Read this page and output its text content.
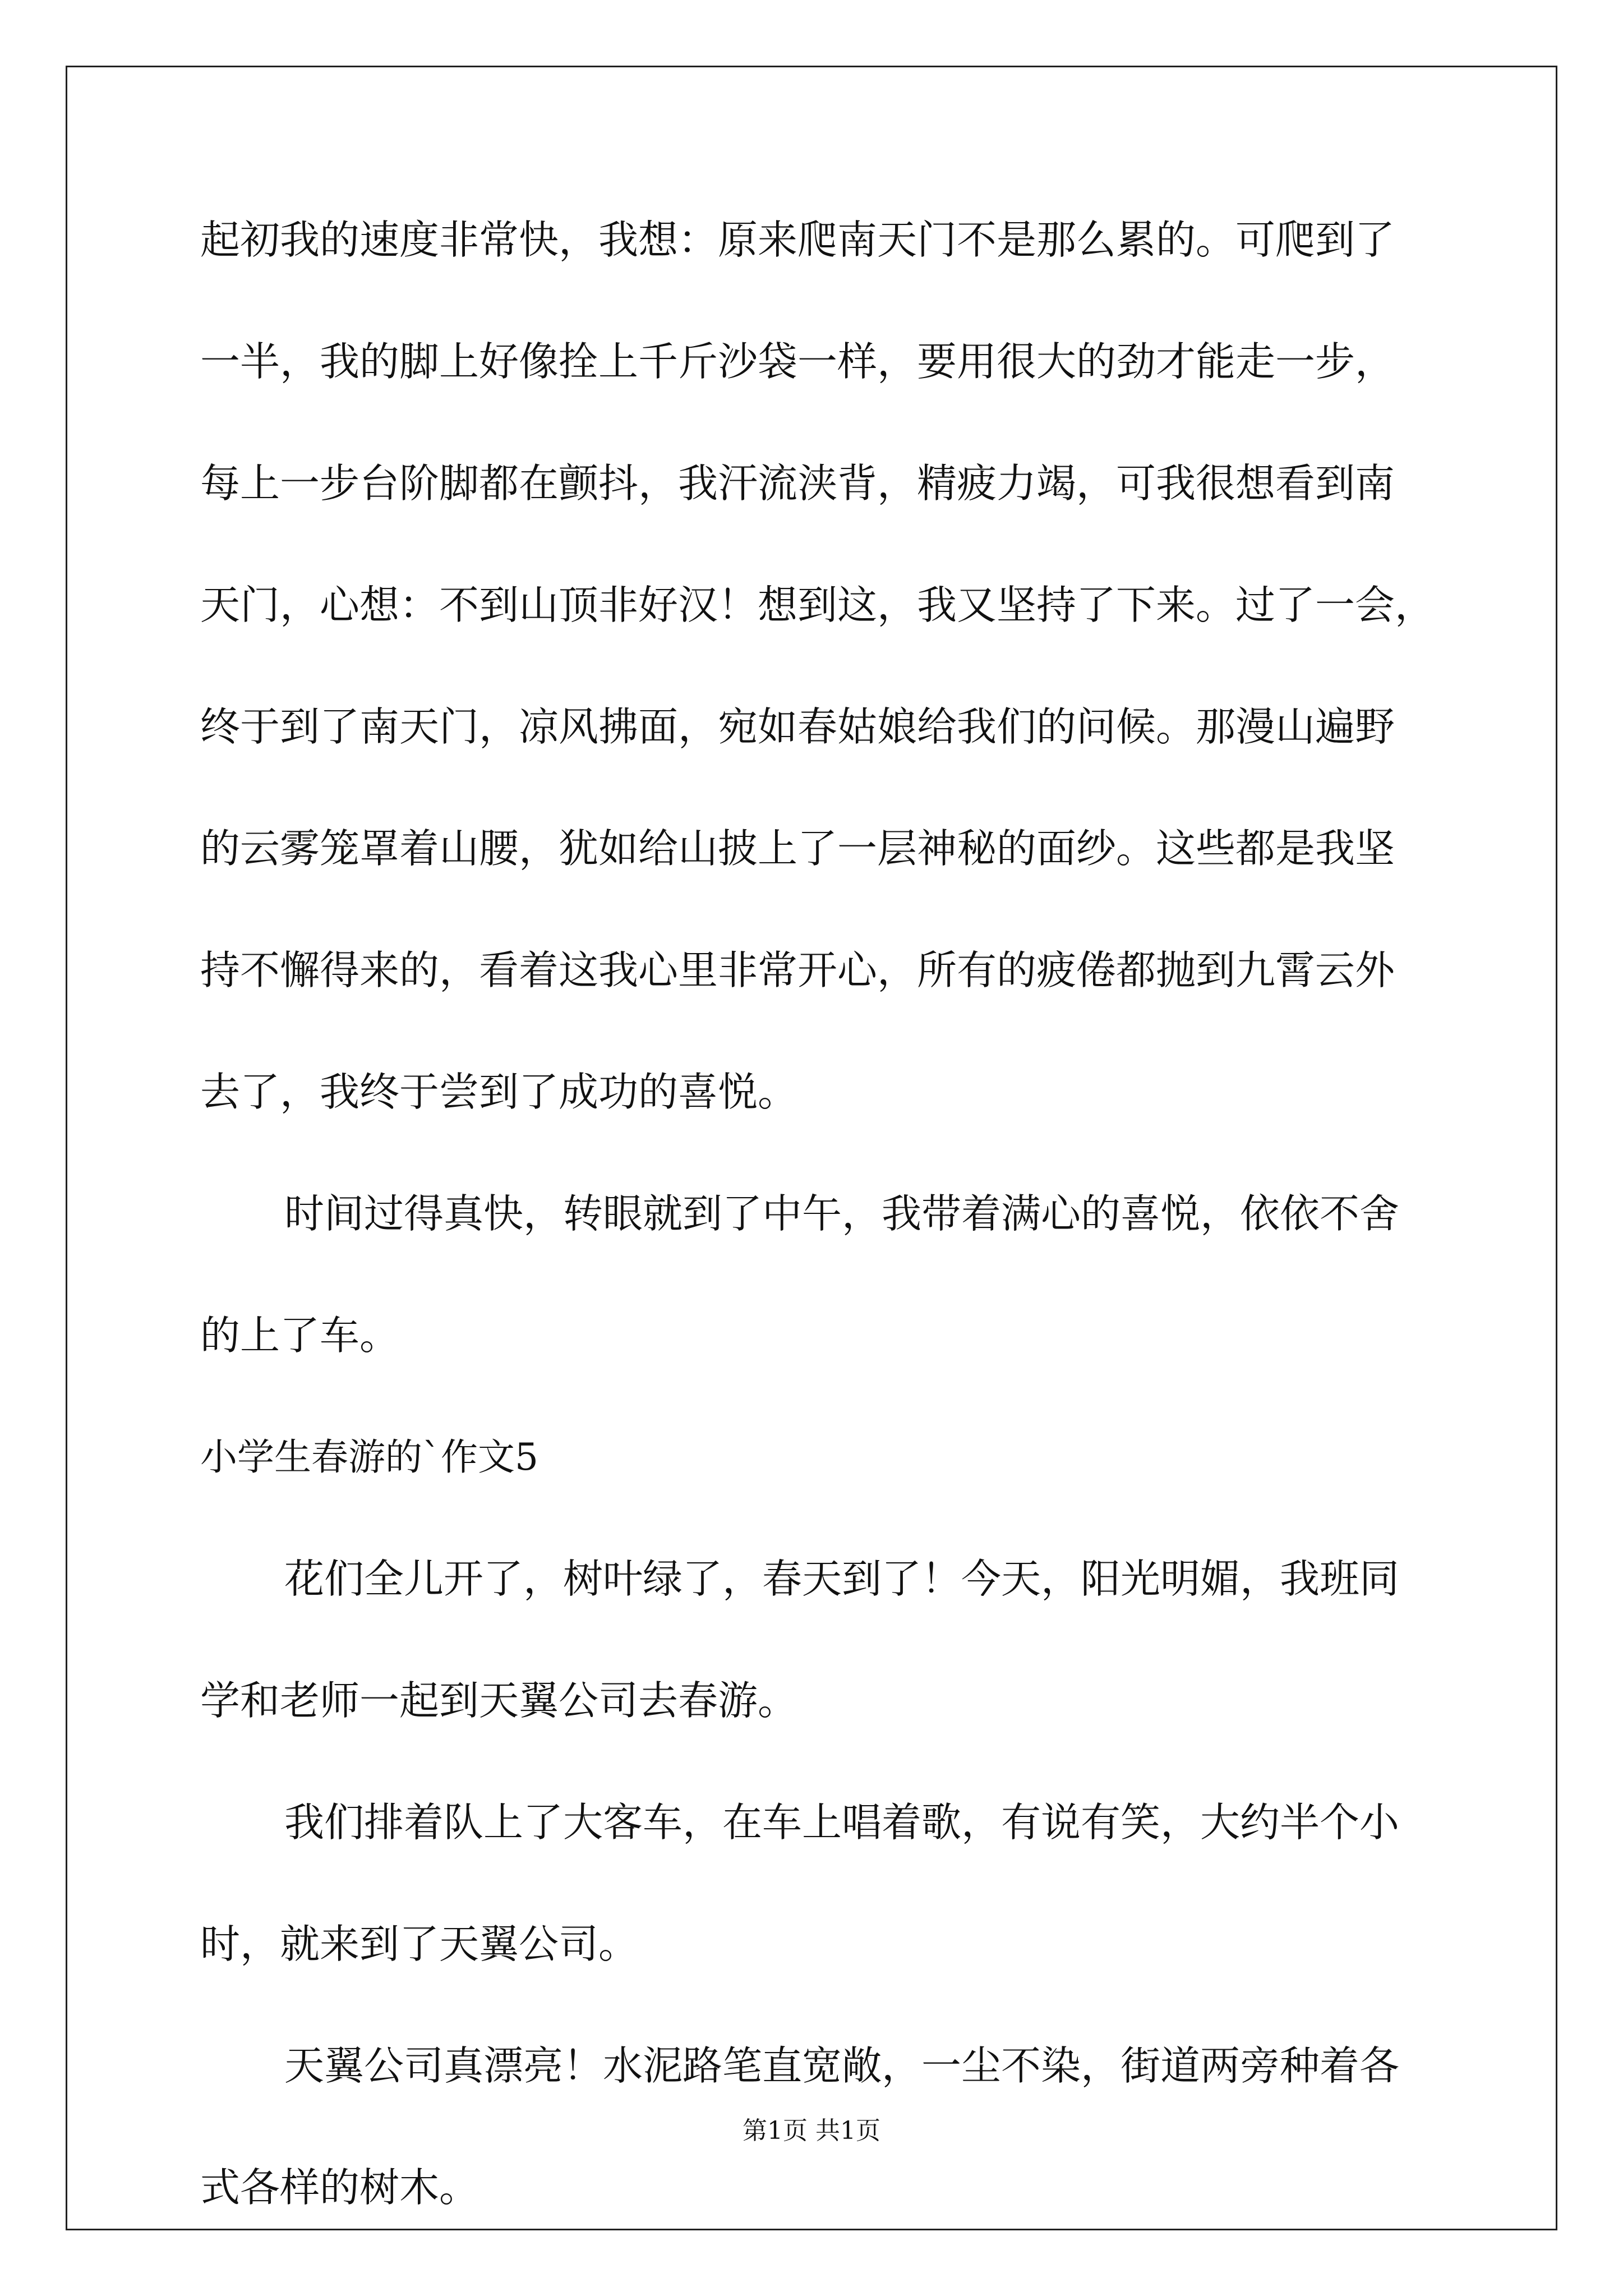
起初我的速度非常快，我想：原来爬南天门不是那么累的。可爬到了
一半，我的脚上好像拴上千斤沙袋一样，要用很大的劲才能走一步，
每上一步台阶脚都在颤抖，我汗流浃背，精疲力竭，可我很想看到南
天门，心想：不到山顶非好汉！想到这，我又坚持了下来。过了一会，
终于到了南天门，凉风拂面，宛如春姑娘给我们的问候。那漫山遍野
的云雾笼罩着山腰，犹如给山披上了一层神秘的面纱。这些都是我坚
持不懈得来的，看着这我心里非常开心，所有的疲倦都抛到九霄云外
去了，我终于尝到了成功的喜悦。
时间过得真快，转眼就到了中午，我带着满心的喜悦，依依不舍
的上了车。
小学生春游的`作文5
花们全儿开了，树叶绿了，春天到了！今天，阳光明媚，我班同
学和老师一起到天翼公司去春游。
我们排着队上了大客车，在车上唱着歌，有说有笑，大约半个小
时，就来到了天翼公司。
天翼公司真漂亮！水泥路笔直宽敞，一尘不染，街道两旁种着各
式各样的树木。
第1页 共1页
